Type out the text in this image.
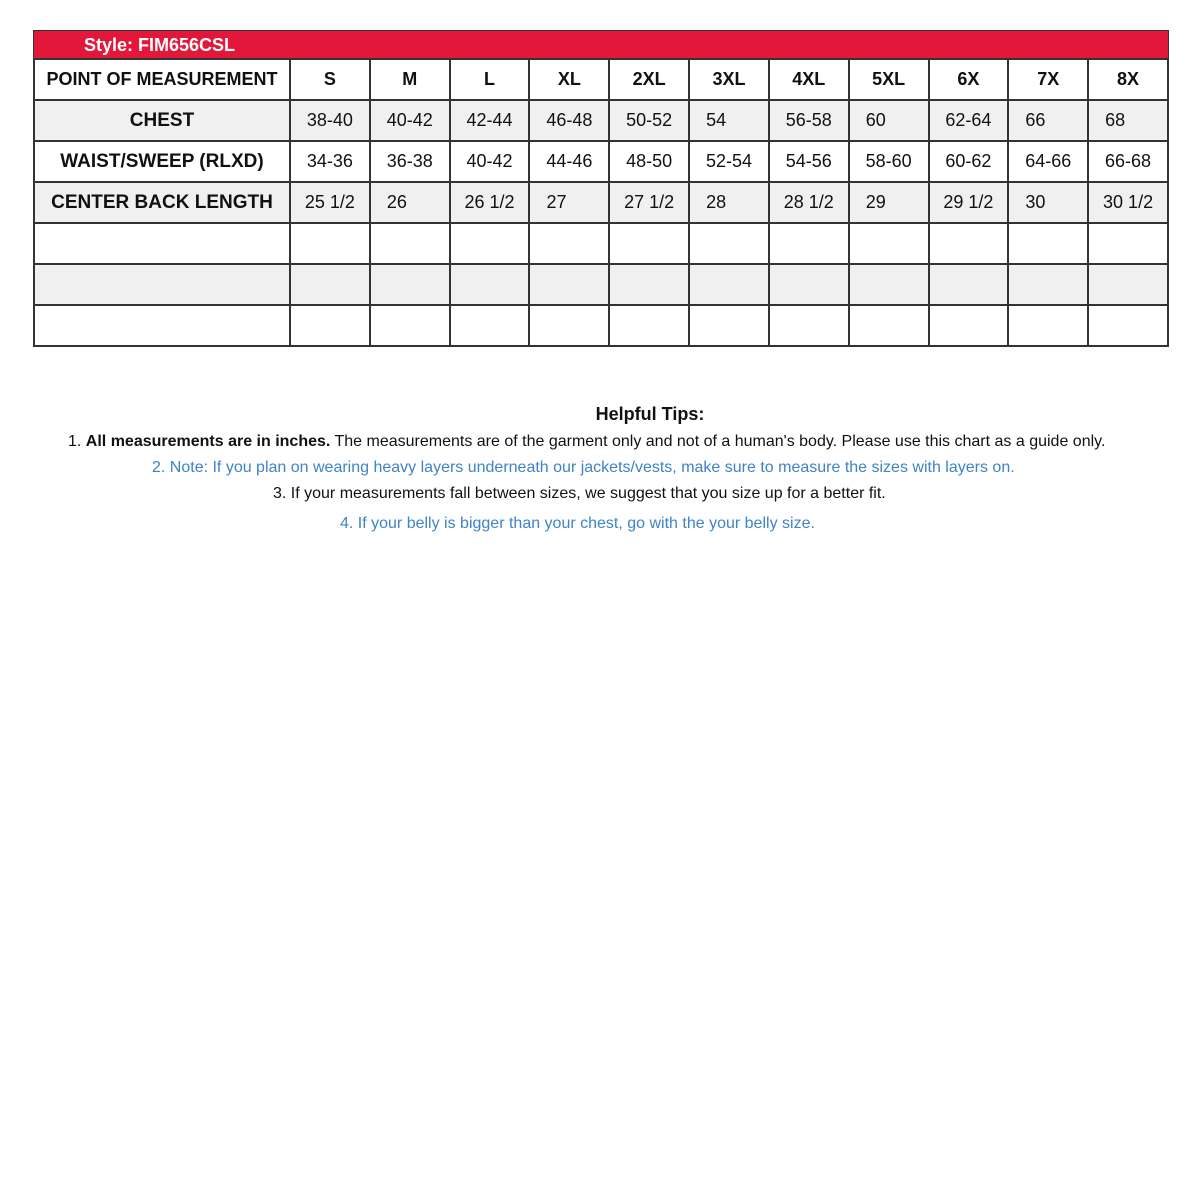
Style: FIM656CSL
POINT OF MEASUREMENT	S	M	L	XL	2XL	3XL	4XL	5XL	6X	7X	8X
CHEST	38-40	40-42	42-44	46-48	50-52	54	56-58	60	62-64	66	68
WAIST/SWEEP (RLXD)	34-36	36-38	40-42	44-46	48-50	52-54	54-56	58-60	60-62	64-66	66-68
CENTER BACK LENGTH	25 1/2	26	26 1/2	27	27 1/2	28	28 1/2	29	29 1/2	30	30 1/2

Helpful Tips:
1. All measurements are in inches. The measurements are of the garment only and not of a human's body. Please use this chart as a guide only.
2. Note: If you plan on wearing heavy layers underneath our jackets/vests, make sure to measure the sizes with layers on.
3. If your measurements fall between sizes, we suggest that you size up for a better fit.
4. If your belly is bigger than your chest, go with the your belly size.
